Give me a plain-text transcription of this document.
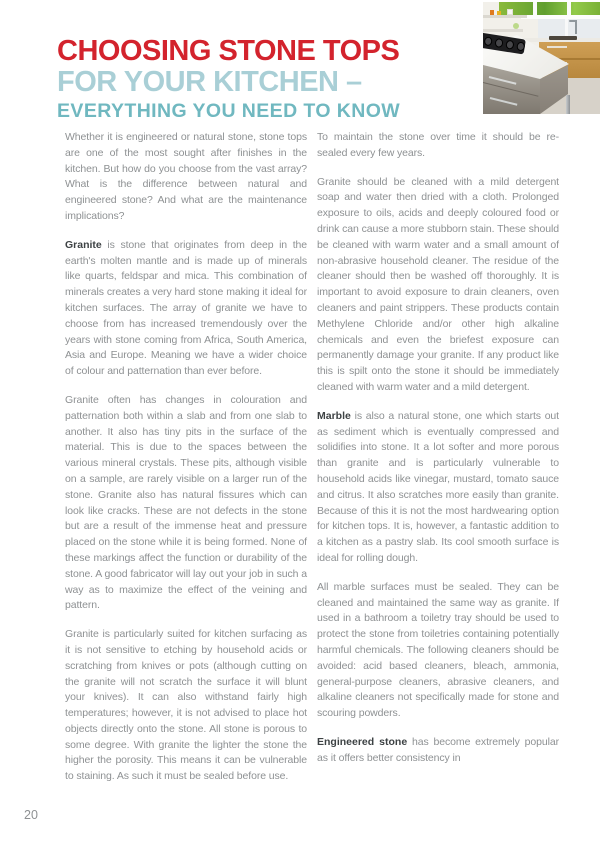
CHOOSING STONE TOPS
FOR YOUR KITCHEN –
EVERYTHING YOU NEED TO KNOW

Whether it is engineered or natural stone, stone tops are one of the most sought after finishes in the kitchen. But how do you choose from the vast array? What is the difference between natural and engineered stone? And what are the maintenance implications?

Granite is stone that originates from deep in the earth's molten mantle and is made up of minerals like quarts, feldspar and mica. This combination of minerals creates a very hard stone making it ideal for kitchen surfaces. The array of granite we have to choose from has increased tremendously over the years with stone coming from Africa, South America, Asia and Europe. Meaning we have a wider choice of colour and patternation than ever before.

Granite often has changes in colouration and patternation both within a slab and from one slab to another. It also has tiny pits in the surface of the material. This is due to the spaces between the various mineral crystals. These pits, although visible on a sample, are rarely visible on a larger run of the stone. Granite also has natural fissures which can look like cracks. These are not defects in the stone but are a result of the immense heat and pressure placed on the stone while it is being formed. None of these markings affect the function or durability of the stone. A good fabricator will lay out your job in such a way as to maximize the effect of the veining and pattern.

Granite is particularly suited for kitchen surfacing as it is not sensitive to etching by household acids or scratching from knives or pots (although cutting on the granite will not scratch the surface it will blunt your knives). It can also withstand fairly high temperatures; however, it is not advised to place hot objects directly onto the stone. All stone is porous to some degree. With granite the lighter the stone the higher the porosity. This means it can be vulnerable to staining. As such it must be sealed before use.

To maintain the stone over time it should be re-sealed every few years.

Granite should be cleaned with a mild detergent soap and water then dried with a cloth. Prolonged exposure to oils, acids and deeply coloured food or drink can cause a more stubborn stain. These should be cleaned with warm water and a small amount of non-abrasive household cleaner. The residue of the cleaner should then be washed off thoroughly. It is important to avoid exposure to drain cleaners, oven cleaners and paint strippers. These products contain Methylene Chloride and/or other high alkaline chemicals and even the briefest exposure can permanently damage your granite. If any product like this is spilt onto the stone it should be immediately cleaned with warm water and a mild detergent.

Marble is also a natural stone, one which starts out as sediment which is eventually compressed and solidifies into stone. It a lot softer and more porous than granite and is particularly vulnerable to household acids like vinegar, mustard, tomato sauce and citrus. It also scratches more easily than granite. Because of this it is not the most hardwearing option for kitchen tops. It is, however, a fantastic addition to a kitchen as a pastry slab. Its cool smooth surface is ideal for rolling dough.

All marble surfaces must be sealed. They can be cleaned and maintained the same way as granite. If used in a bathroom a toiletry tray should be used to protect the stone from toiletries containing potentially harmful chemicals. The following cleaners should be avoided: acid based cleaners, bleach, ammonia, general-purpose cleaners, abrasive cleaners, and alkaline cleaners not specifically made for stone and scouring powders.

Engineered stone has become extremely popular as it offers better consistency in

20
